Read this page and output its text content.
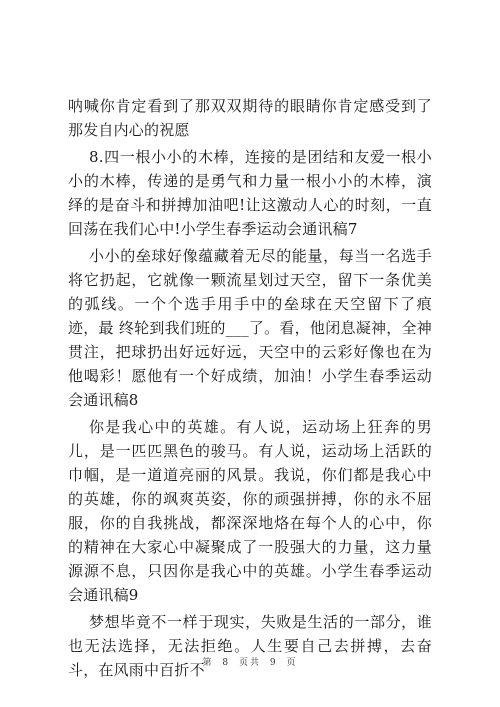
呐喊你肯定看到了那双双期待的眼睛你肯定感受到了那发自内心的祝愿

8.四一根小小的木棒，连接的是团结和友爱一根小小的木棒，传递的是勇气和力量一根小小的木棒，演绎的是奋斗和拼搏加油吧!让这激动人心的时刻，一直回荡在我们心中!小学生春季运动会通讯稿7

小小的垒球好像蕴藏着无尽的能量，每当一名选手将它扔起，它就像一颗流星划过天空，留下一条优美的弧线。一个个选手用手中的垒球在天空留下了痕迹，最 终轮到我们班的___了。看，他闭息凝神，全神贯注，把球扔出好远好远，天空中的云彩好像也在为他喝彩！愿他有一个好成绩，加油！小学生春季运动会通讯稿8

你是我心中的英雄。有人说，运动场上狂奔的男儿，是一匹匹黑色的骏马。有人说，运动场上活跃的巾帼，是一道道亮丽的风景。我说，你们都是我心中的英雄，你的飒爽英姿，你的顽强拼搏，你的永不屈服，你的自我挑战，都深深地烙在每个人的心中，你的精神在大家心中凝聚成了一股强大的力量，这力量源源不息，只因你是我心中的英雄。小学生春季运动会通讯稿9

梦想毕竟不一样于现实，失败是生活的一部分，谁也无法选择，无法拒绝。人生要自己去拼搏，去奋斗，在风雨中百折不

第 8 页共 9 页
